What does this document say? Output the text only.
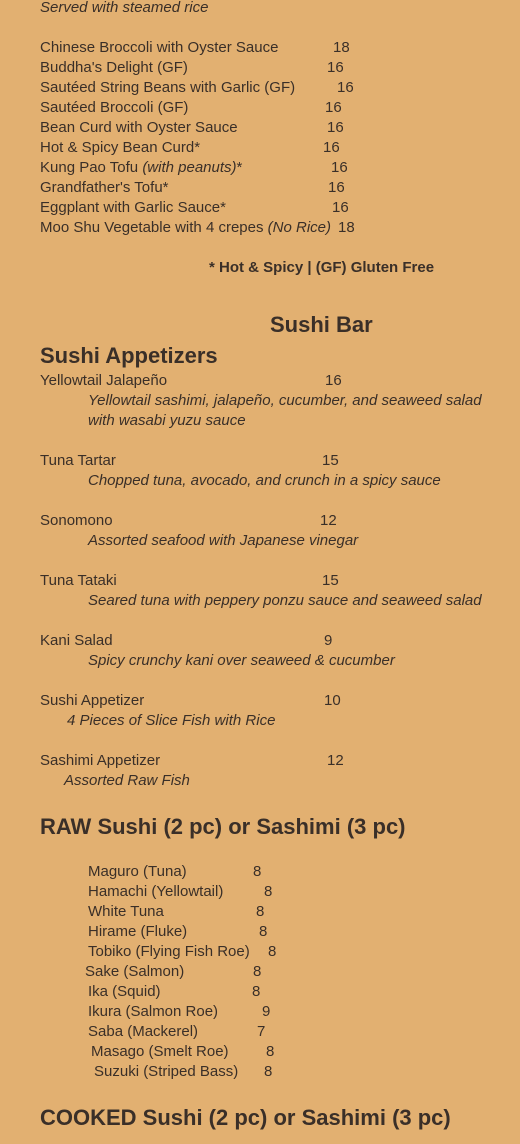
Served with steamed rice
Chinese Broccoli with Oyster Sauce	18
Buddha's Delight (GF)	16
Sautéed String Beans with Garlic (GF)	16
Sautéed Broccoli (GF)	16
Bean Curd with Oyster Sauce	16
Hot & Spicy Bean Curd*	16
Kung Pao Tofu (with peanuts)*	16
Grandfather's Tofu*	16
Eggplant with Garlic Sauce*	16
Moo Shu Vegetable with 4 crepes (No Rice) 18
* Hot & Spicy | (GF) Gluten Free
Sushi Bar
Sushi Appetizers
Yellowtail Jalapeño	16
Yellowtail sashimi, jalapeño, cucumber, and seaweed salad with wasabi yuzu sauce
Tuna Tartar	15
Chopped tuna, avocado, and crunch in a spicy sauce
Sonomono	12
Assorted seafood with Japanese vinegar
Tuna Tataki	15
Seared tuna with peppery ponzu sauce and seaweed salad
Kani Salad	9
Spicy crunchy kani over seaweed & cucumber
Sushi Appetizer	10
4 Pieces of Slice Fish with Rice
Sashimi Appetizer	12
Assorted Raw Fish
RAW Sushi (2 pc) or Sashimi (3 pc)
Maguro (Tuna)	8
Hamachi (Yellowtail)	8
White Tuna	8
Hirame (Fluke)	8
Tobiko (Flying Fish Roe) 8
Sake (Salmon)	8
Ika (Squid)	8
Ikura (Salmon Roe)	9
Saba (Mackerel)	7
Masago (Smelt Roe) 8
Suzuki (Striped Bass) 8
COOKED Sushi (2 pc) or Sashimi (3 pc)
